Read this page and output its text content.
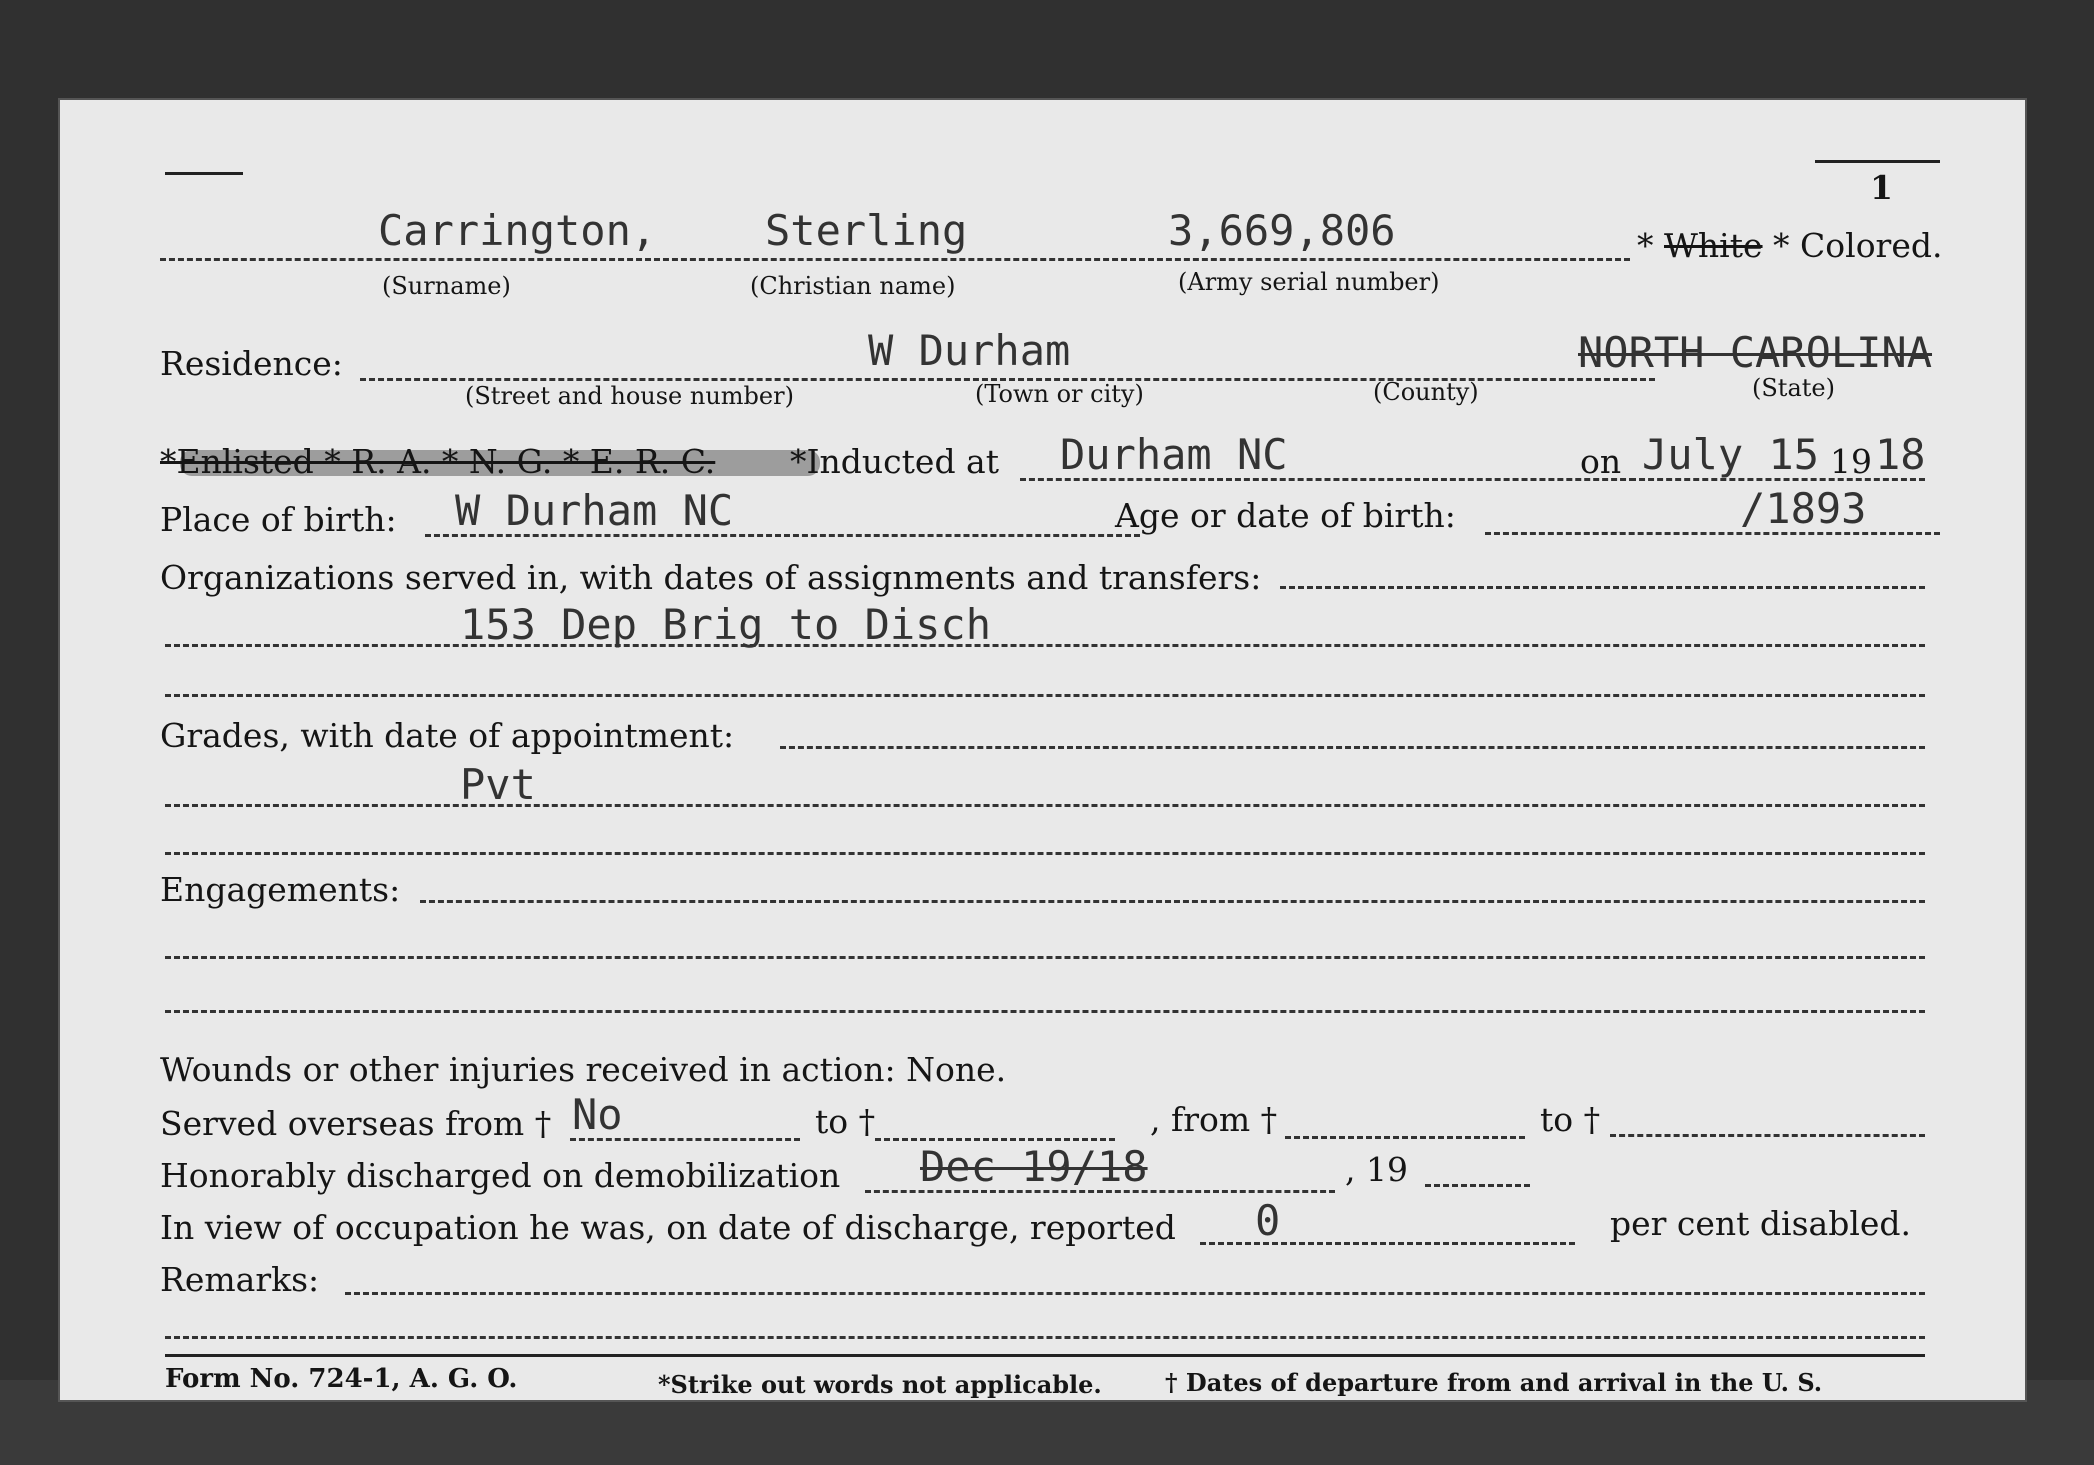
1
Carrington,	Sterling	3,669,806	* White * Colored.
(Surname)	(Christian name)	(Army serial number)
Residence:	W Durham	NORTH CAROLINA
(Street and house number)	(Town or city)	(County)	(State)
*Enlisted * R. A. * N. G. * E. R. C. *Inducted at Durham NC	on July 15 19 18
Place of birth: W Durham NC	Age or date of birth:	/1893
Organizations served in, with dates of assignments and transfers:
153 Dep Brig to Disch
Grades, with date of appointment:
Pvt
Engagements:
Wounds or other injuries received in action: None.
Served overseas from † No	to †	, from †	to †
Honorably discharged on demobilization Dec 19/18	, 19
In view of occupation he was, on date of discharge, reported 0	per cent disabled.
Remarks:
Form No. 724-1, A. G. O.	*Strike out words not applicable.	† Dates of departure from and arrival in the U. S.
